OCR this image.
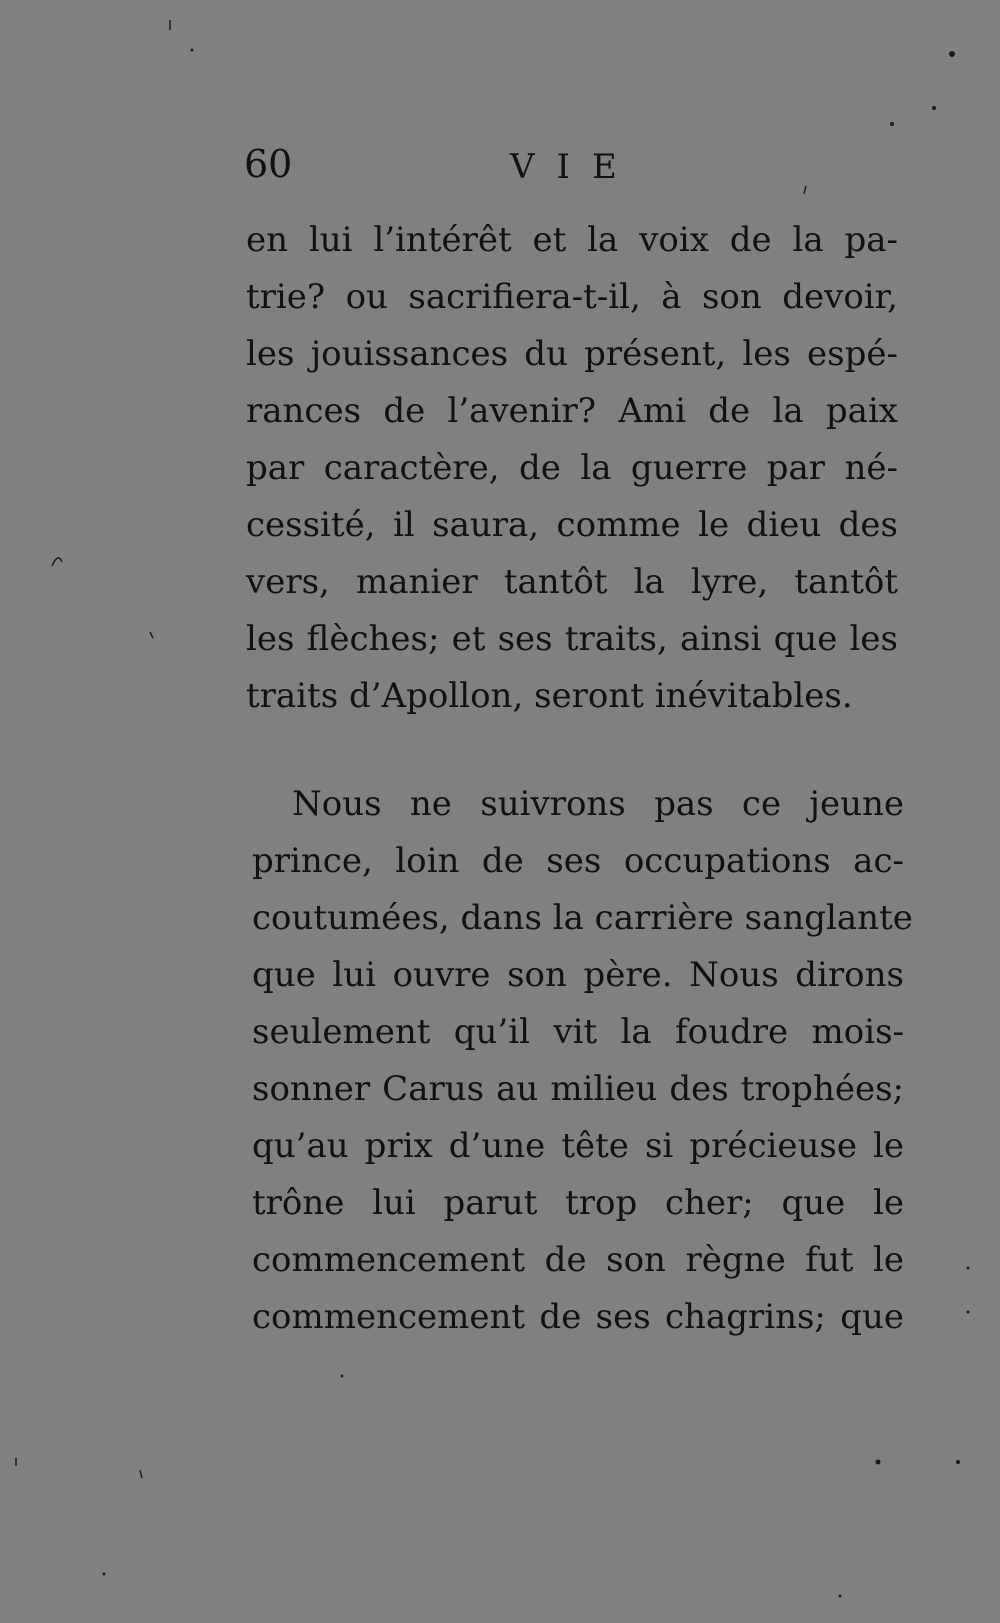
60	VIE
en lui l’intérêt et la voix de la pa-
trie? ou sacrifiera-t-il, à son devoir,
les jouissances du présent, les espé-
rances de l’avenir? Ami de la paix
par caractère, de la guerre par né-
cessité, il saura, comme le dieu des
vers, manier tantôt la lyre, tantôt
les flèches; et ses traits, ainsi que les
traits d’Apollon, seront inévitables.
Nous ne suivrons pas ce jeune
prince, loin de ses occupations ac-
coutumées, dans la carrière sanglante
que lui ouvre son père. Nous dirons
seulement qu’il vit la foudre mois-
sonner Carus au milieu des trophées;
qu’au prix d’une tête si précieuse le
trône lui parut trop cher; que le
commencement de son règne fut le
commencement de ses chagrins; que
